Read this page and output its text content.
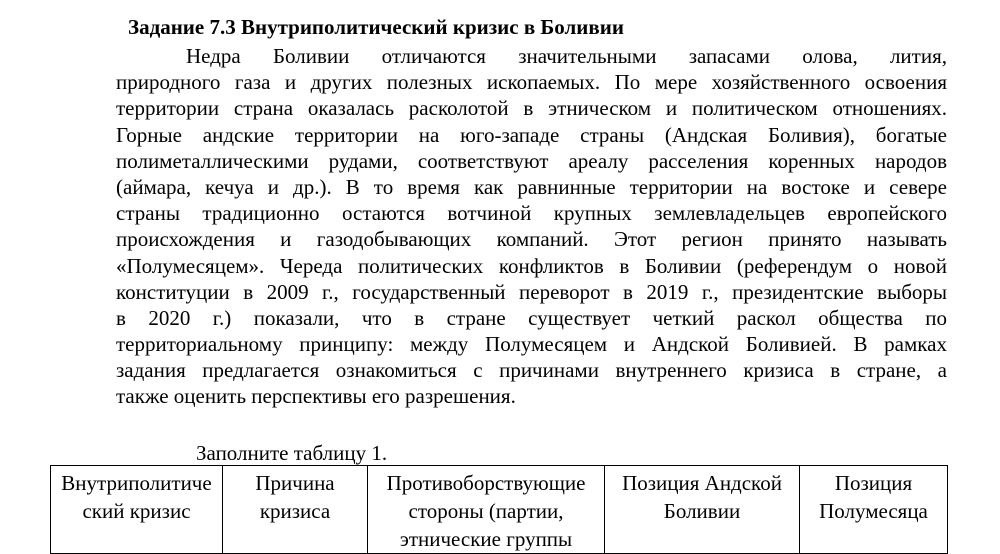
Задание 7.3 Внутриполитический кризис в Боливии
Недра Боливии отличаются значительными запасами олова, лития,
природного газа и других полезных ископаемых. По мере хозяйственного освоения
территории страна оказалась расколотой в этническом и политическом отношениях.
Горные андские территории на юго-западе страны (Андская Боливия), богатые
полиметаллическими рудами, соответствуют ареалу расселения коренных народов
(аймара, кечуа и др.). В то время как равнинные территории на востоке и севере
страны традиционно остаются вотчиной крупных землевладельцев европейского
происхождения и газодобывающих компаний. Этот регион принято называть
«Полумесяцем». Череда политических конфликтов в Боливии (референдум о новой
конституции в 2009 г., государственный переворот в 2019 г., президентские выборы
в 2020 г.) показали, что в стране существует четкий раскол общества по
территориальному принципу: между Полумесяцем и Андской Боливией. В рамках
задания предлагается ознакомиться с причинами внутреннего кризиса в стране, а
также оценить перспективы его разрешения.
Заполните таблицу 1.
Внутриполитиче ский кризис	Причина кризиса	Противоборствующие стороны (партии, этнические группы	Позиция Андской Боливии	Позиция Полумесяца
